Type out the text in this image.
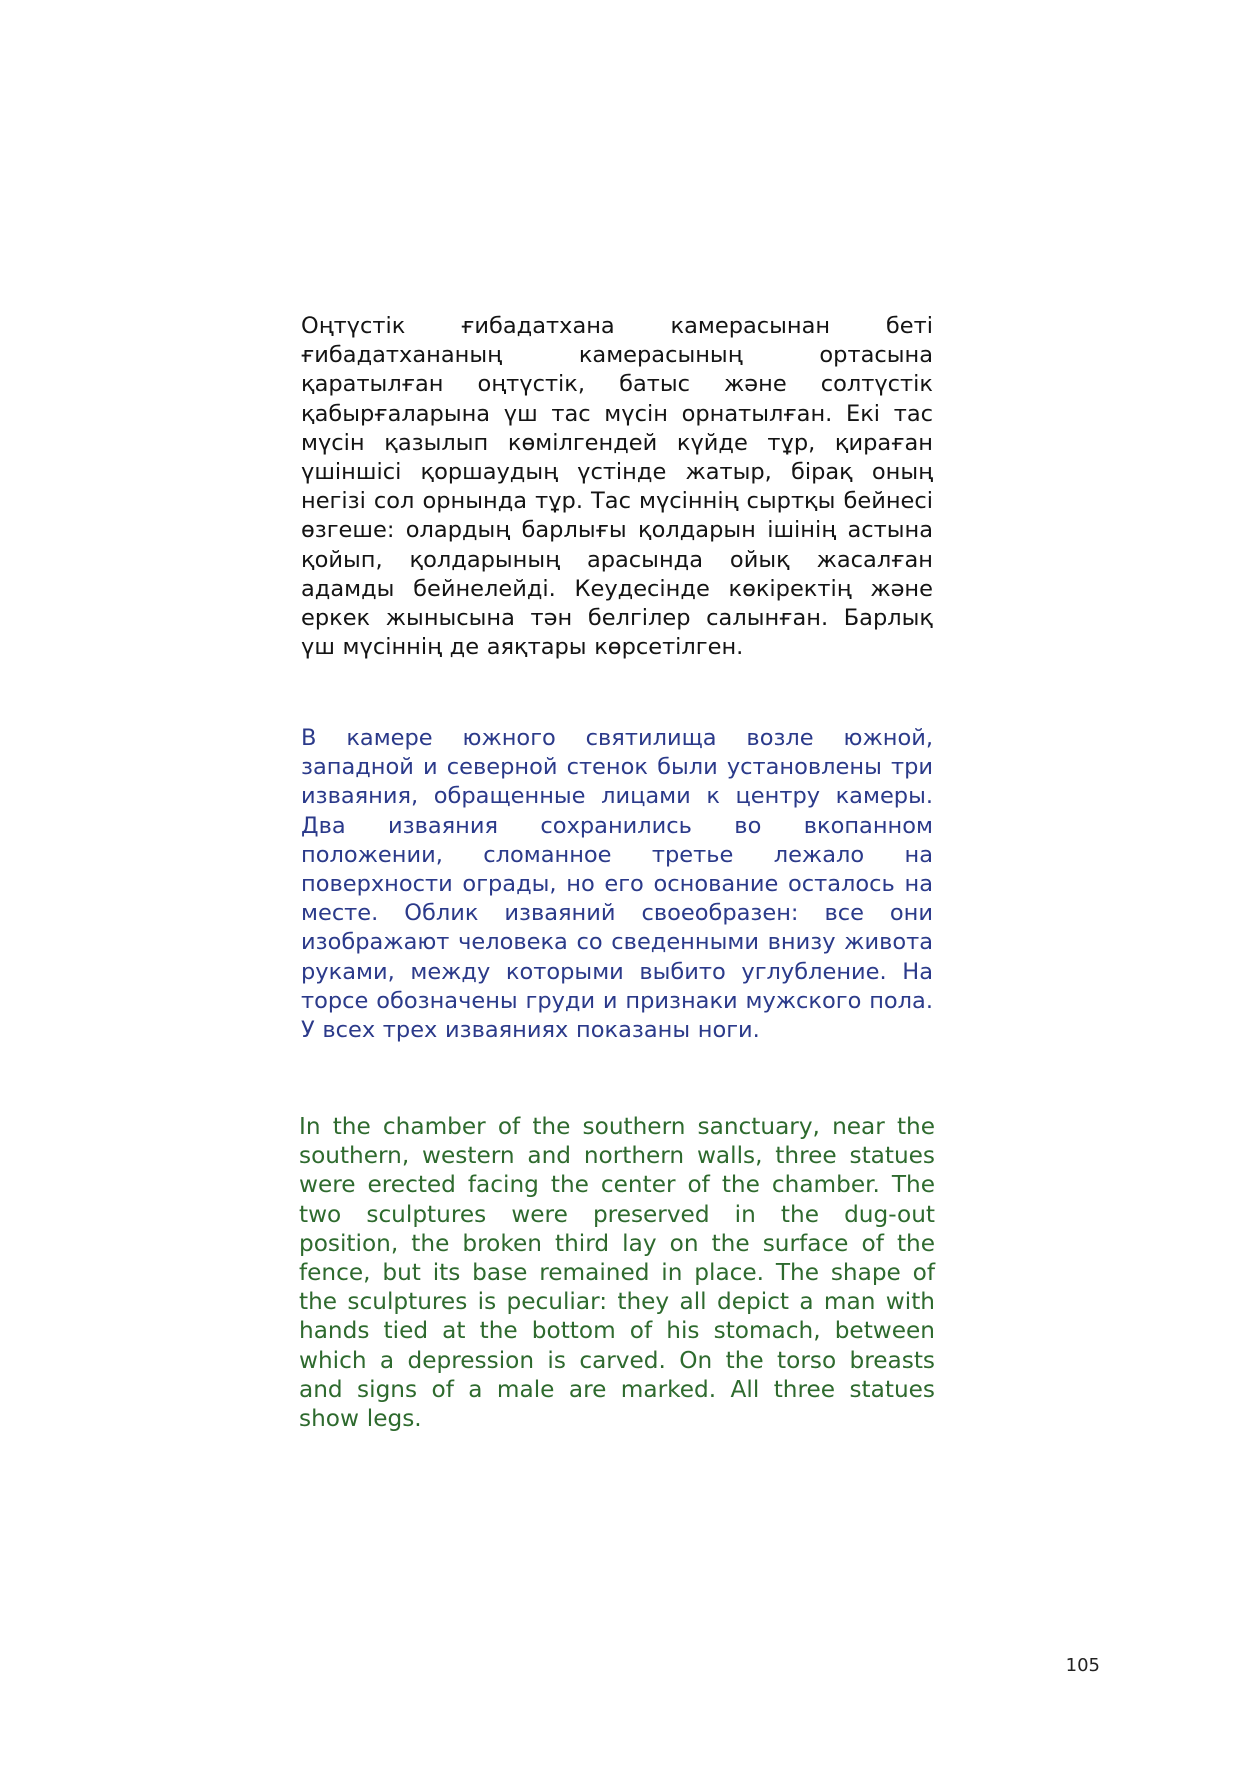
Оңтүстік ғибадатхана камерасынан беті ғибадатхананың камерасының ортасына қаратылған оңтүстік, батыс және солтүстік қабырғаларына үш тас мүсін орнатылған. Екі тас мүсін қазылып көмілгендей күйде тұр, қираған үшіншісі қоршаудың үстінде жатыр, бірақ оның негізі сол орнында тұр. Тас мүсіннің сыртқы бейнесі өзгеше: олардың барлығы қолдарын ішінің астына қойып, қолдарының арасында ойық жасалған адамды бейнелейді. Кеудесінде көкіректің және еркек жынысына тән белгілер салынған. Барлық үш мүсіннің де аяқтары көрсетілген.

В камере южного святилища возле южной, западной и северной стенок были установлены три изваяния, обращенные лицами к центру камеры. Два изваяния сохранились во вкопанном положении, сломанное третье лежало на поверхности ограды, но его основание осталось на месте. Облик изваяний своеобразен: все они изображают человека со сведенными внизу живота руками, между которыми выбито углубление. На торсе обозначены груди и признаки мужского пола. У всех трех изваяниях показаны ноги.

In the chamber of the southern sanctuary, near the southern, western and northern walls, three statues were erected facing the center of the chamber. The two sculptures were preserved in the dug-out position, the broken third lay on the surface of the fence, but its base remained in place. The shape of the sculptures is peculiar: they all depict a man with hands tied at the bottom of his stomach, between which a depression is carved. On the torso breasts and signs of a male are marked. All three statues show legs.

105
